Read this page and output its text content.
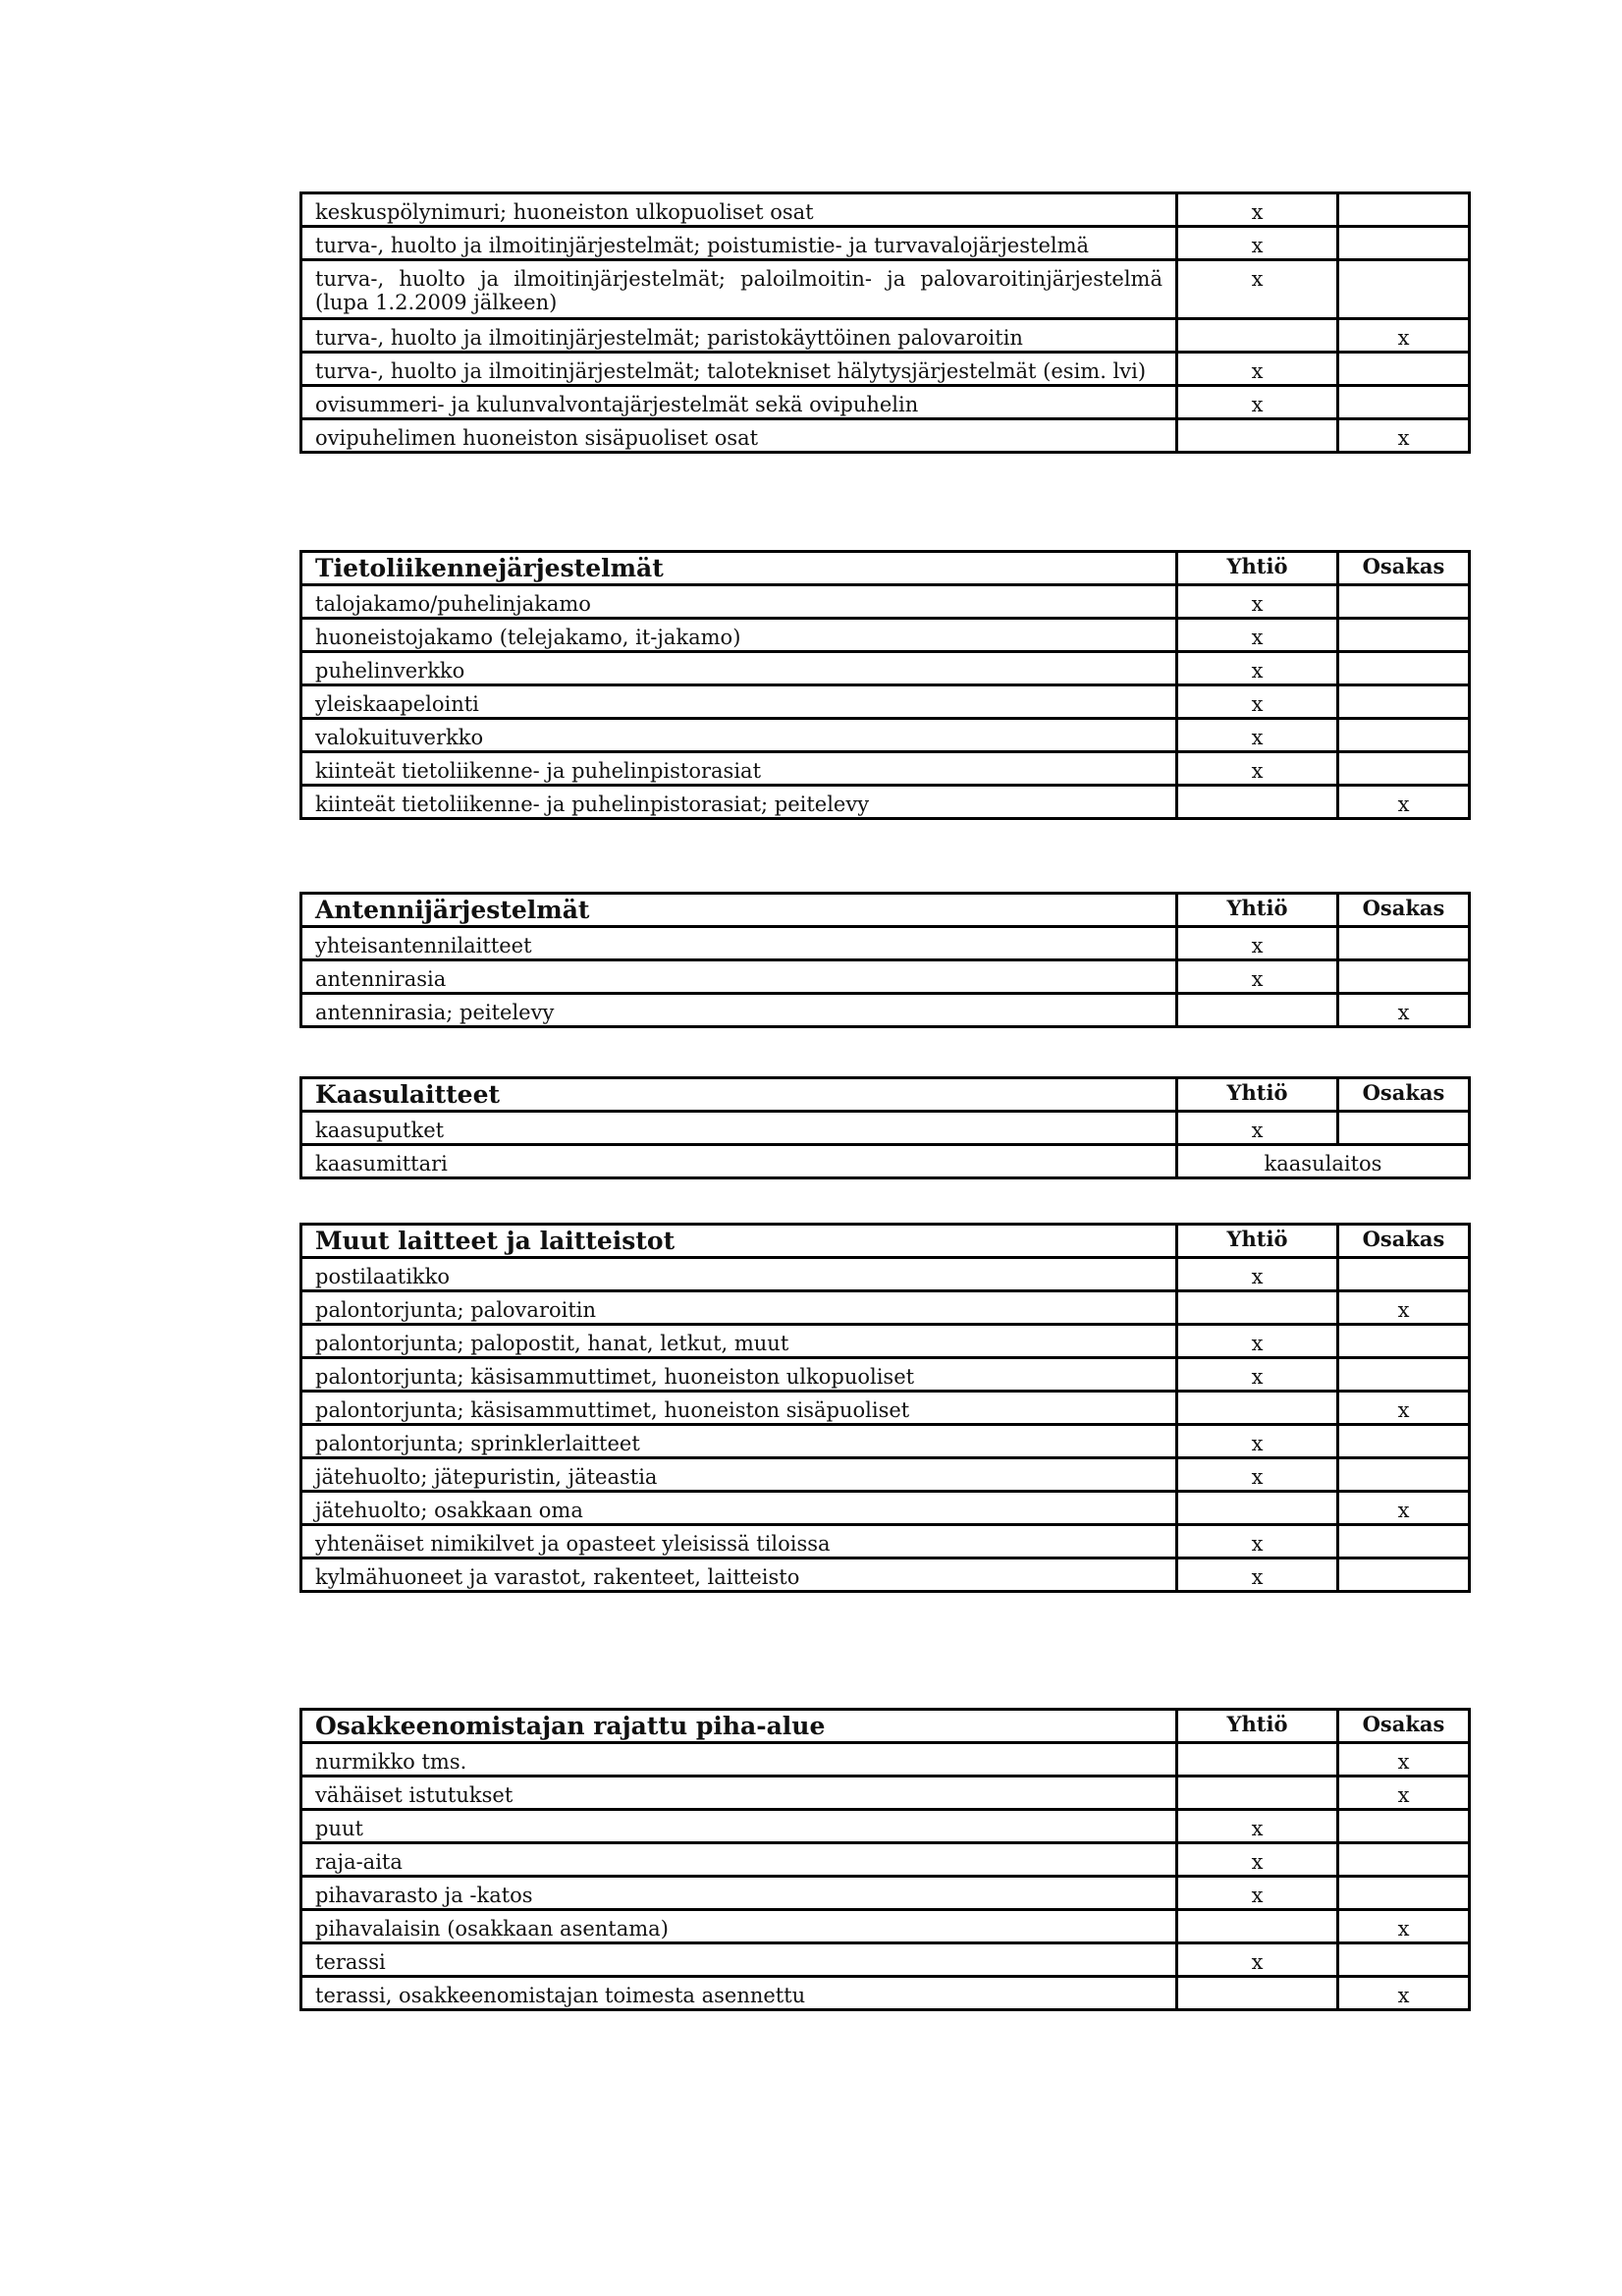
keskuspölynimuri; huoneiston ulkopuoliset osat	x	
turva-, huolto ja ilmoitinjärjestelmät; poistumistie- ja turvavalojärjestelmä	x	
turva-, huolto ja ilmoitinjärjestelmät; paloilmoitin- ja palovaroitinjärjestelmä (lupa 1.2.2009 jälkeen)	x	
turva-, huolto ja ilmoitinjärjestelmät; paristokäyttöinen palovaroitin		x
turva-, huolto ja ilmoitinjärjestelmät; talotekniset hälytysjärjestelmät (esim. lvi)	x	
ovisummeri- ja kulunvalvontajärjestelmät sekä ovipuhelin	x	
ovipuhelimen huoneiston sisäpuoliset osat		x
Tietoliikennejärjestelmät	Yhtiö	Osakas
talojakamo/puhelinjakamo	x	
huoneistojakamo (telejakamo, it-jakamo)	x	
puhelinverkko	x	
yleiskaapelointi	x	
valokuituverkko	x	
kiinteät tietoliikenne- ja puhelinpistorasiat	x	
kiinteät tietoliikenne- ja puhelinpistorasiat; peitelevy		x
Antennijärjestelmät	Yhtiö	Osakas
yhteisantennilaitteet	x	
antennirasia	x	
antennirasia; peitelevy		x
Kaasulaitteet	Yhtiö	Osakas
kaasuputket	x	
kaasumittari	kaasulaitos	
Muut laitteet ja laitteistot	Yhtiö	Osakas
postilaatikko	x	
palontorjunta; palovaroitin		x
palontorjunta; palopostit, hanat, letkut, muut	x	
palontorjunta; käsisammuttimet, huoneiston ulkopuoliset	x	
palontorjunta; käsisammuttimet, huoneiston sisäpuoliset		x
palontorjunta; sprinklerlaitteet	x	
jätehuolto; jätepuristin, jäteastia	x	
jätehuolto; osakkaan oma		x
yhtenäiset nimikilvet ja opasteet yleisissä tiloissa	x	
kylmähuoneet ja varastot, rakenteet, laitteisto	x	
Osakkeenomistajan rajattu piha-alue	Yhtiö	Osakas
nurmikko tms.		x
vähäiset istutukset		x
puut	x	
raja-aita	x	
pihavarasto ja -katos	x	
pihavalaisin (osakkaan asentama)		x
terassi	x	
terassi, osakkeenomistajan toimesta asennettu		x
